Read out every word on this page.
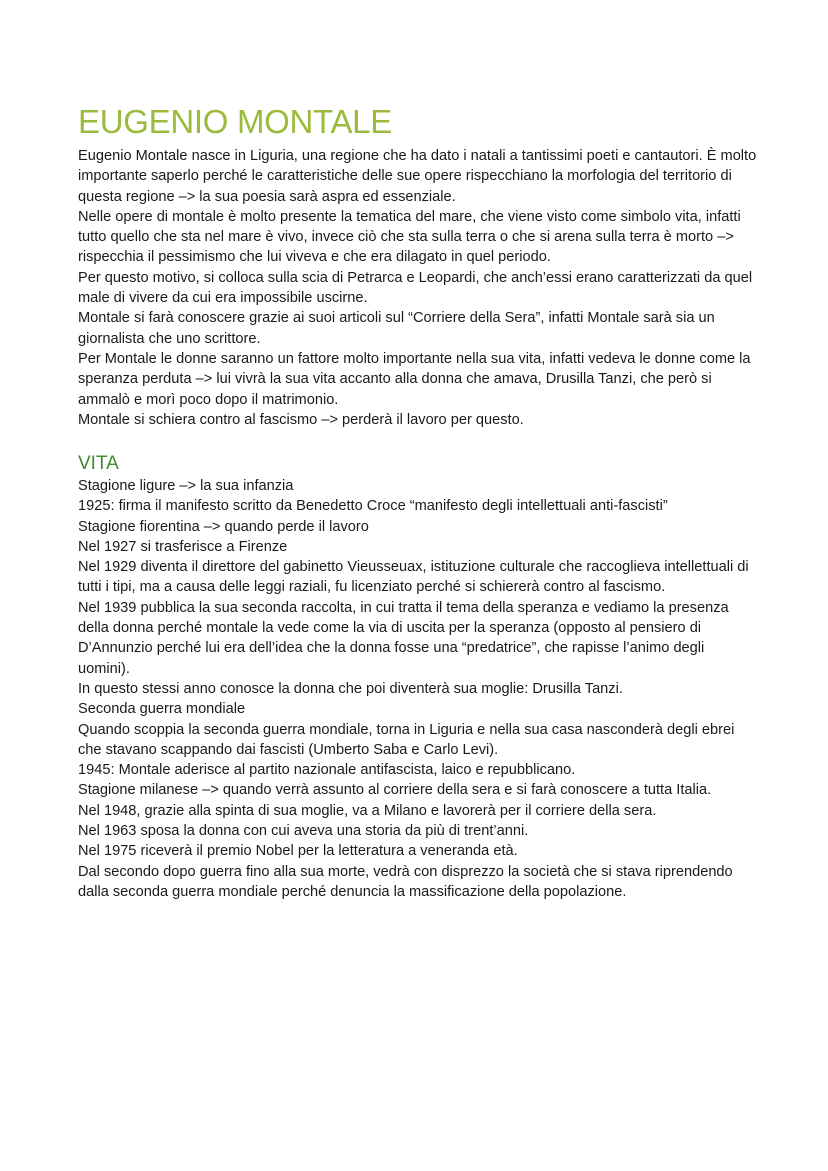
EUGENIO MONTALE

Eugenio Montale nasce in Liguria, una regione che ha dato i natali a tantissimi poeti e cantautori. È molto importante saperlo perché le caratteristiche delle sue opere rispecchiano la morfologia del territorio di questa regione –> la sua poesia sarà aspra ed essenziale.

Nelle opere di montale è molto presente la tematica del mare, che viene visto come simbolo vita, infatti tutto quello che sta nel mare è vivo, invece ciò che sta sulla terra o che si arena sulla terra è morto –> rispecchia il pessimismo che lui viveva e che era dilagato in quel periodo.

Per questo motivo, si colloca sulla scia di Petrarca e Leopardi, che anch’essi erano caratterizzati da quel male di vivere da cui era impossibile uscirne.

Montale si farà conoscere grazie ai suoi articoli sul “Corriere della Sera”, infatti Montale sarà sia un giornalista che uno scrittore.

Per Montale le donne saranno un fattore molto importante nella sua vita, infatti vedeva le donne come la speranza perduta –> lui vivrà la sua vita accanto alla donna che amava, Drusilla Tanzi, che però si ammalò e morì poco dopo il matrimonio.

Montale si schiera contro al fascismo –> perderà il lavoro per questo.

VITA

Stagione ligure –> la sua infanzia

1925: firma il manifesto scritto da Benedetto Croce “manifesto degli intellettuali anti-fascisti”

Stagione fiorentina –> quando perde il lavoro

Nel 1927 si trasferisce a Firenze

Nel 1929 diventa il direttore del gabinetto Vieusseuax, istituzione culturale che raccoglieva intellettuali di tutti i tipi, ma a causa delle leggi raziali, fu licenziato perché si schiererà contro al fascismo.

Nel 1939 pubblica la sua seconda raccolta, in cui tratta il tema della speranza e vediamo la presenza della donna perché montale la vede come la via di uscita per la speranza (opposto al pensiero di D’Annunzio perché lui era dell’idea che la donna fosse una “predatrice”, che rapisse l’animo degli uomini).

In questo stessi anno conosce la donna che poi diventerà sua moglie: Drusilla Tanzi.

Seconda guerra mondiale

Quando scoppia la seconda guerra mondiale, torna in Liguria e nella sua casa nasconderà degli ebrei che stavano scappando dai fascisti (Umberto Saba e Carlo Levi).

1945: Montale aderisce al partito nazionale antifascista, laico e repubblicano.

Stagione milanese –> quando verrà assunto al corriere della sera e si farà conoscere a tutta Italia.

Nel 1948, grazie alla spinta di sua moglie, va a Milano e lavorerà per il corriere della sera.

Nel 1963 sposa la donna con cui aveva una storia da più di trent’anni.

Nel 1975 riceverà il premio Nobel per la letteratura a veneranda età.

Dal secondo dopo guerra fino alla sua morte, vedrà con disprezzo la società che si stava riprendendo dalla seconda guerra mondiale perché denuncia la massificazione della popolazione.
